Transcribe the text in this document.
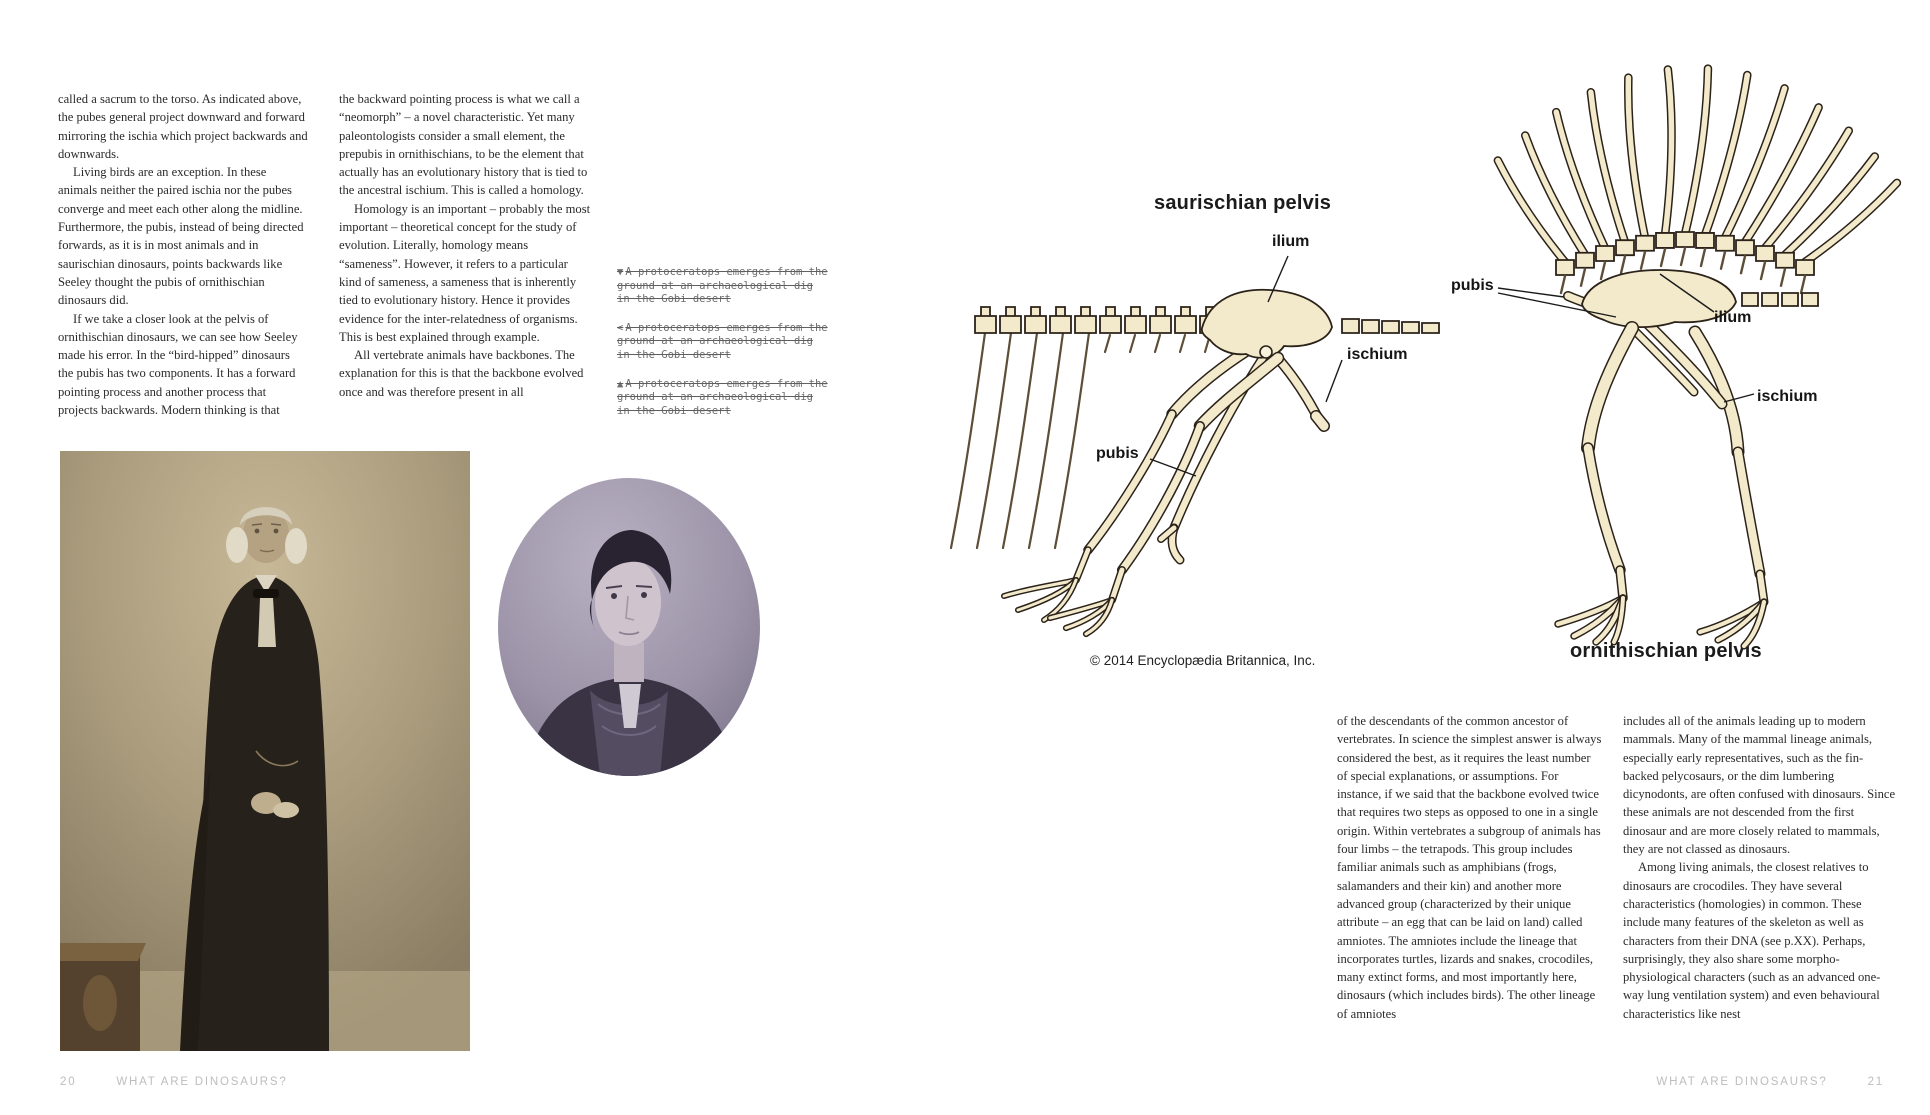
called a sacrum to the torso. As indicated above, the pubes general project downward and forward mirroring the ischia which project backwards and downwards.

Living birds are an exception. In these animals neither the paired ischia nor the pubes converge and meet each other along the midline. Furthermore, the pubis, instead of being directed forwards, as it is in most animals and in saurischian dinosaurs, points backwards like Seeley thought the pubis of ornithischian dinosaurs did.

If we take a closer look at the pelvis of ornithischian dinosaurs, we can see how Seeley made his error. In the “bird-hipped” dinosaurs the pubis has two components. It has a forward pointing process and another process that projects backwards. Modern thinking is that

the backward pointing process is what we call a “neomorph” – a novel characteristic. Yet many paleontologists consider a small element, the prepubis in ornithischians, to be the element that actually has an evolutionary history that is tied to the ancestral ischium. This is called a homology.

Homology is an important – probably the most important – theoretical concept for the study of evolution. Literally, homology means “sameness”. However, it refers to a particular kind of sameness, a sameness that is inherently tied to evolutionary history. Hence it provides evidence for the inter-relatedness of organisms. This is best explained through example.

All vertebrate animals have backbones. The explanation for this is that the backbone evolved once and was therefore present in all

▼ A protoceratops emerges from the ground at an archaeological dig in the Gobi desert
< A protoceratops emerges from the ground at an archaeological dig in the Gobi desert
▲ A protoceratops emerges from the ground at an archaeological dig in the Gobi desert
saurischian pelvis
ornithischian pelvis
ilium
ischium
pubis
pubis
ilium
ischium
© 2014 Encyclopædia Britannica, Inc.

of the descendants of the common ancestor of vertebrates. In science the simplest answer is always considered the best, as it requires the least number of special explanations, or assumptions. For instance, if we said that the backbone evolved twice that requires two steps as opposed to one in a single origin. Within vertebrates a subgroup of animals has four limbs – the tetrapods. This group includes familiar animals such as amphibians (frogs, salamanders and their kin) and another more advanced group (characterized by their unique attribute – an egg that can be laid on land) called amniotes. The amniotes include the lineage that incorporates turtles, lizards and snakes, crocodiles, many extinct forms, and most importantly here, dinosaurs (which includes birds). The other lineage of amniotes

includes all of the animals leading up to modern mammals. Many of the mammal lineage animals, especially early representatives, such as the fin-backed pelycosaurs, or the dim lumbering dicynodonts, are often confused with dinosaurs. Since these animals are not descended from the first dinosaur and are more closely related to mammals, they are not classed as dinosaurs.

Among living animals, the closest relatives to dinosaurs are crocodiles. They have several characteristics (homologies) in common. These include many features of the skeleton as well as characters from their DNA (see p.XX). Perhaps, surprisingly, they also share some morpho-physiological characters (such as an advanced one-way lung ventilation system) and even behavioural characteristics like nest

20	WHAT ARE DINOSAURS?	WHAT ARE DINOSAURS?	21
